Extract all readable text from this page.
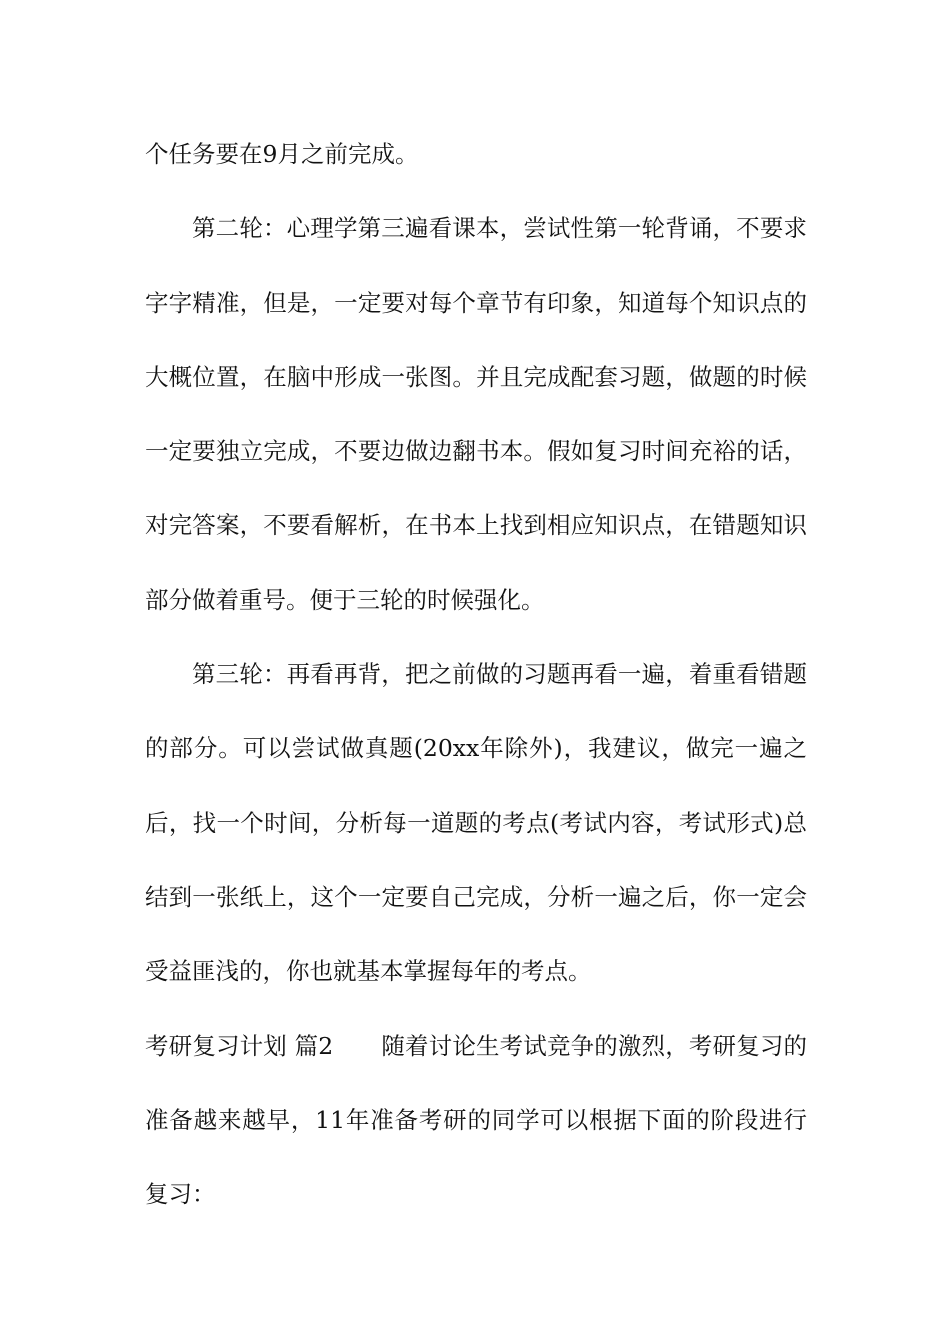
个任务要在9月之前完成。

第二轮：心理学第三遍看课本，尝试性第一轮背诵，不要求字字精准，但是，一定要对每个章节有印象，知道每个知识点的大概位置，在脑中形成一张图。并且完成配套习题，做题的时候一定要独立完成，不要边做边翻书本。假如复习时间充裕的话，对完答案，不要看解析，在书本上找到相应知识点，在错题知识部分做着重号。便于三轮的时候强化。

第三轮：再看再背，把之前做的习题再看一遍，着重看错题的部分。可以尝试做真题(20xx年除外)，我建议，做完一遍之后，找一个时间，分析每一道题的考点(考试内容，考试形式)总结到一张纸上，这个一定要自己完成，分析一遍之后，你一定会受益匪浅的，你也就基本掌握每年的考点。

考研复习计划 篇2 随着讨论生考试竞争的激烈，考研复习的准备越来越早，11年准备考研的同学可以根据下面的阶段进行复习：
